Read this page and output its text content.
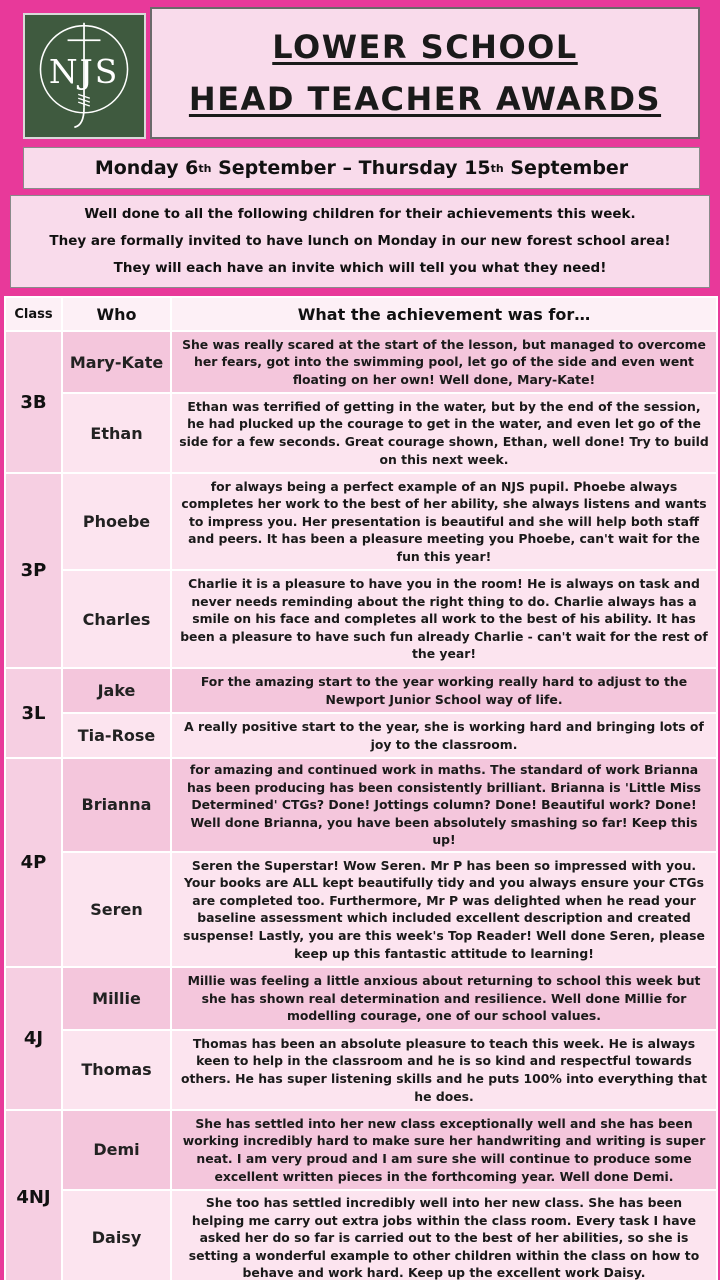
NJS
LOWER SCHOOL
HEAD TEACHER AWARDS
Monday
6 th
September
–
Thursday
15 th
September
Well done to all the following children for their achievements this week.
They are formally invited to have lunch on Monday in our new forest school area!
They will each have an invite which will tell you what they need!
Class	Who	What the achievement was for…
3B	Mary-Kate	She was really scared at the start of the lesson, but managed to overcome her fears, got into the swimming pool, let go of the side and even went floating on her own! Well done, Mary-Kate!
	Ethan	Ethan was terrified of getting in the water, but by the end of the session, he had plucked up the courage to get in the water, and even let go of the side for a few seconds. Great courage shown, Ethan, well done! Try to build on this next week.
3P	Phoebe	for always being a perfect example of an NJS pupil. Phoebe always completes her work to the best of her ability, she always listens and wants to impress you. Her presentation is beautiful and she will help both staff and peers. It has been a pleasure meeting you Phoebe, can't wait for the fun this year!
	Charles	Charlie it is a pleasure to have you in the room! He is always on task and never needs reminding about the right thing to do. Charlie always has a smile on his face and completes all work to the best of his ability. It has been a pleasure to have such fun already Charlie - can't wait for the rest of the year!
3L	Jake	For the amazing start to the year working really hard to adjust to the Newport Junior School way of life.
	Tia-Rose	A really positive start to the year, she is working hard and bringing lots of joy to the classroom.
4P	Brianna	for amazing and continued work in maths. The standard of work Brianna has been producing has been consistently brilliant. Brianna is 'Little Miss Determined' CTGs? Done! Jottings column? Done! Beautiful work? Done! Well done Brianna, you have been absolutely smashing so far! Keep this up!
	Seren	Seren the Superstar! Wow Seren. Mr P has been so impressed with you. Your books are ALL kept beautifully tidy and you always ensure your CTGs are completed too. Furthermore, Mr P was delighted when he read your baseline assessment which included excellent description and created suspense! Lastly, you are this week's Top Reader! Well done Seren, please keep up this fantastic attitude to learning!
4J	Millie	Millie was feeling a little anxious about returning to school this week but she has shown real determination and resilience. Well done Millie for modelling courage, one of our school values.
	Thomas	Thomas has been an absolute pleasure to teach this week. He is always keen to help in the classroom and he is so kind and respectful towards others. He has super listening skills and he puts 100% into everything that he does.
4NJ	Demi	She has settled into her new class exceptionally well and she has been working incredibly hard to make sure her handwriting and writing is super neat. I am very proud and I am sure she will continue to produce some excellent written pieces in the forthcoming year. Well done Demi.
	Daisy	She too has settled incredibly well into her new class. She has been helping me carry out extra jobs within the class room. Every task I have asked her do so far is carried out to the best of her abilities, so she is setting a wonderful example to other children within the class on how to behave and work hard. Keep up the excellent work Daisy.
